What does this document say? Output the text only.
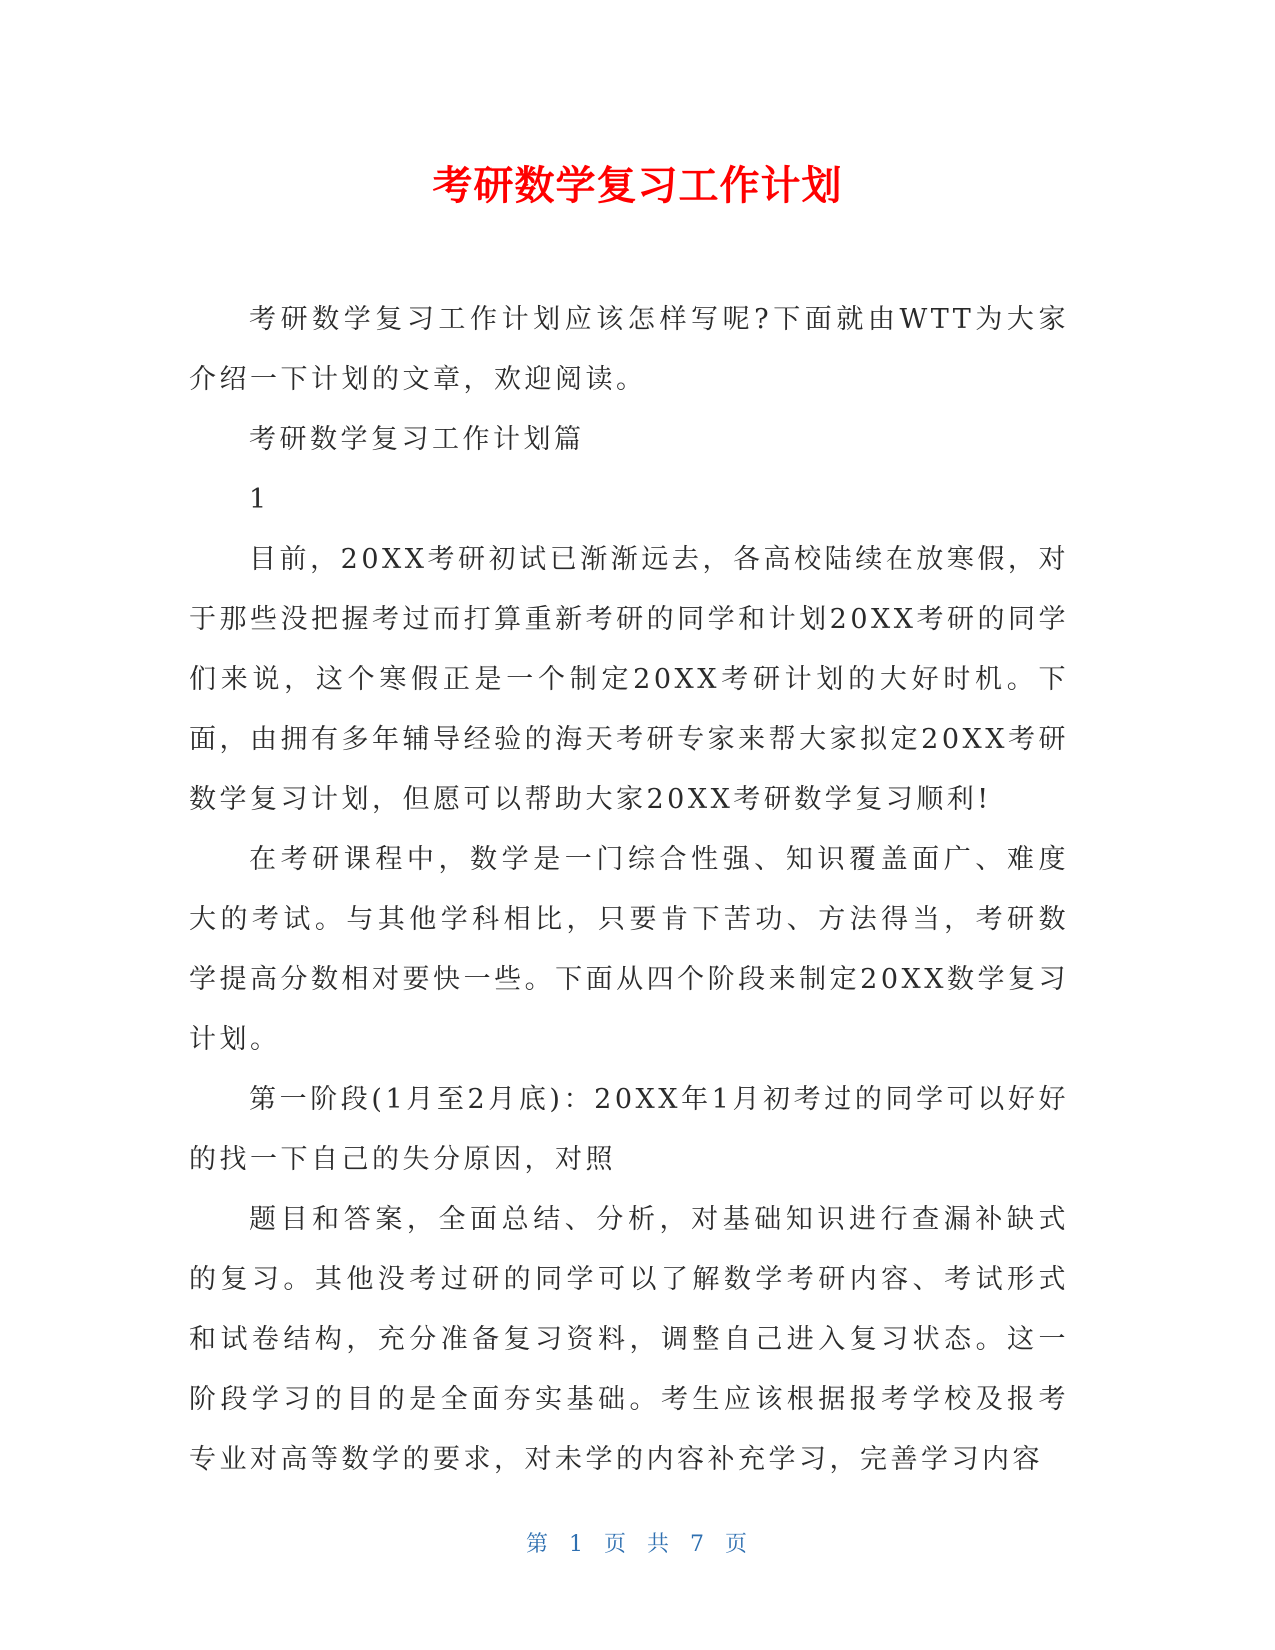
考研数学复习工作计划

考研数学复习工作计划应该怎样写呢?下面就由WTT为大家介绍一下计划的文章，欢迎阅读。

考研数学复习工作计划篇

1

目前，20XX考研初试已渐渐远去，各高校陆续在放寒假，对于那些没把握考过而打算重新考研的同学和计划20XX考研的同学们来说，这个寒假正是一个制定20XX考研计划的大好时机。下面，由拥有多年辅导经验的海天考研专家来帮大家拟定20XX考研数学复习计划，但愿可以帮助大家20XX考研数学复习顺利!

在考研课程中，数学是一门综合性强、知识覆盖面广、难度大的考试。与其他学科相比，只要肯下苦功、方法得当，考研数学提高分数相对要快一些。下面从四个阶段来制定20XX数学复习计划。

第一阶段(1月至2月底)：20XX年1月初考过的同学可以好好的找一下自己的失分原因，对照

题目和答案，全面总结、分析，对基础知识进行查漏补缺式的复习。其他没考过研的同学可以了解数学考研内容、考试形式和试卷结构，充分准备复习资料，调整自己进入复习状态。这一阶段学习的目的是全面夯实基础。考生应该根据报考学校及报考专业对高等数学的要求，对未学的内容补充学习，完善学习内容

第 1 页 共 7 页
